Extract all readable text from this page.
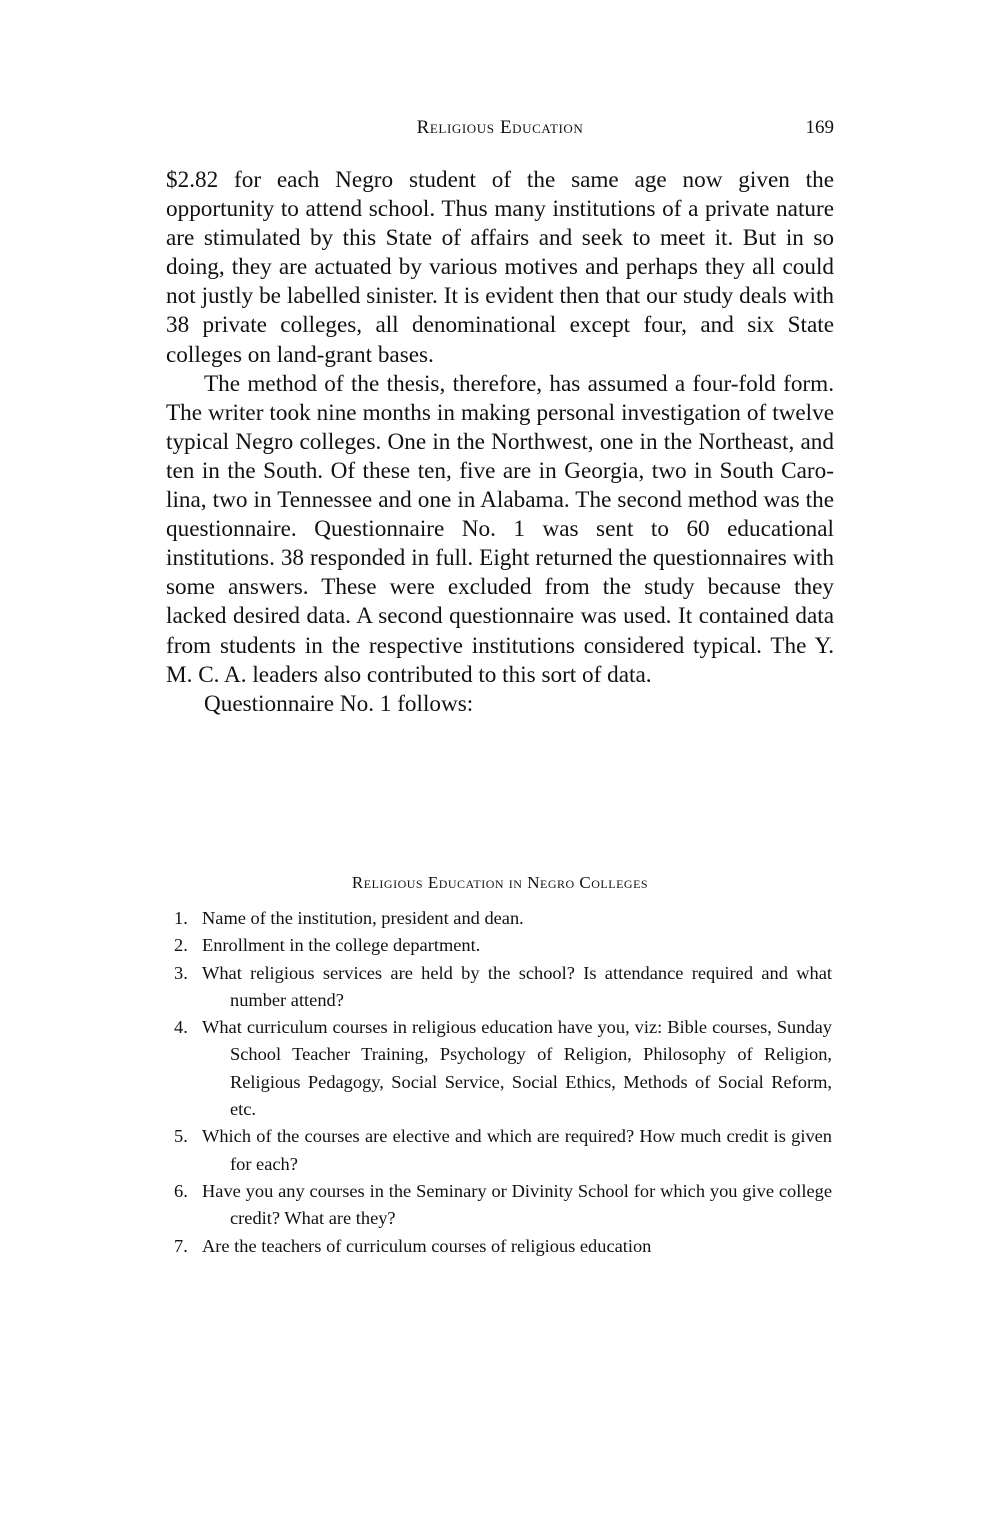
Religious Education	169

$2.82 for each Negro student of the same age now given the opportunity to attend school. Thus many institutions of a private nature are stimulated by this State of affairs and seek to meet it. But in so doing, they are actuated by various motives and perhaps they all could not justly be labelled sinister. It is evident then that our study deals with 38 private colleges, all denominational except four, and six State colleges on land-grant bases.

The method of the thesis, therefore, has assumed a four-fold form. The writer took nine months in making personal investigation of twelve typical Negro colleges. One in the Northwest, one in the Northeast, and ten in the South. Of these ten, five are in Georgia, two in South Carolina, two in Tennessee and one in Alabama. The second method was the questionnaire. Questionnaire No. 1 was sent to 60 educational institutions. 38 responded in full. Eight returned the questionnaires with some answers. These were excluded from the study because they lacked desired data. A second questionnaire was used. It contained data from students in the respective institutions considered typical. The Y. M. C. A. leaders also contributed to this sort of data.

Questionnaire No. 1 follows:

Religious Education in Negro Colleges
1. Name of the institution, president and dean.
2. Enrollment in the college department.
3. What religious services are held by the school? Is attendance required and what number attend?
4. What curriculum courses in religious education have you, viz: Bible courses, Sunday School Teacher Training, Psychology of Religion, Philosophy of Religion, Religious Pedagogy, Social Service, Social Ethics, Methods of Social Reform, etc.
5. Which of the courses are elective and which are required? How much credit is given for each?
6. Have you any courses in the Seminary or Divinity School for which you give college credit? What are they?
7. Are the teachers of curriculum courses of religious education
